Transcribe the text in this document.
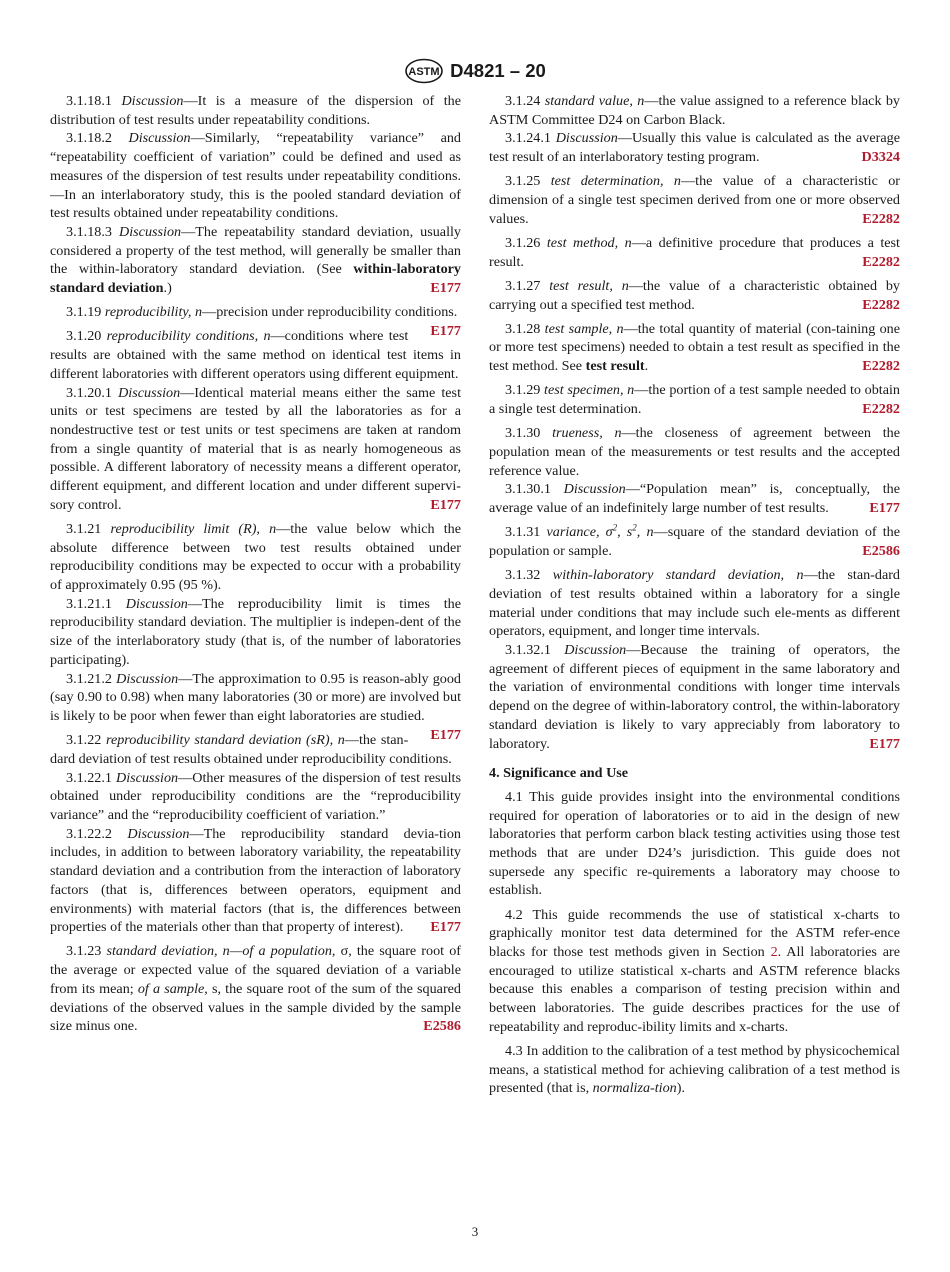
ASTM D4821 – 20

3.1.18.1 Discussion—It is a measure of the dispersion of the distribution of test results under repeatability conditions.

3.1.18.2 Discussion—Similarly, “repeatability variance” and “repeatability coefficient of variation” could be defined and used as measures of the dispersion of test results under repeatability conditions.—In an interlaboratory study, this is the pooled standard deviation of test results obtained under repeatability conditions.

3.1.18.3 Discussion—The repeatability standard deviation, usually considered a property of the test method, will generally be smaller than the within-laboratory standard deviation. (See within-laboratory standard deviation.)	E177

3.1.19 reproducibility, n—precision under reproducibility conditions.
E177

3.1.20 reproducibility conditions, n—conditions where test results are obtained with the same method on identical test items in different laboratories with different operators using different equipment.

3.1.20.1 Discussion—Identical material means either the same test units or test specimens are tested by all the laboratories as for a nondestructive test or test units or test specimens are taken at random from a single quantity of material that is as nearly homogeneous as possible. A different laboratory of necessity means a different operator, different equipment, and different location and under different supervi-sory control.	E177

3.1.21 reproducibility limit (R), n—the value below which the absolute difference between two test results obtained under reproducibility conditions may be expected to occur with a probability of approximately 0.95 (95 %).

3.1.21.1 Discussion—The reproducibility limit is times the reproducibility standard deviation. The multiplier is indepen-dent of the size of the interlaboratory study (that is, of the number of laboratories participating).

3.1.21.2 Discussion—The approximation to 0.95 is reason-ably good (say 0.90 to 0.98) when many laboratories (30 or more) are involved but is likely to be poor when fewer than eight laboratories are studied.
E177

3.1.22 reproducibility standard deviation (sR), n—the stan-dard deviation of test results obtained under reproducibility conditions.

3.1.22.1 Discussion—Other measures of the dispersion of test results obtained under reproducibility conditions are the “reproducibility variance” and the “reproducibility coefficient of variation.”

3.1.22.2 Discussion—The reproducibility standard devia-tion includes, in addition to between laboratory variability, the repeatability standard deviation and a contribution from the interaction of laboratory factors (that is, differences between operators, equipment and environments) with material factors (that is, the differences between properties of the materials other than that property of interest).	E177

3.1.23 standard deviation, n—of a population, σ, the square root of the average or expected value of the squared deviation of a variable from its mean; of a sample, s, the square root of the sum of the squared deviations of the observed values in the sample divided by the sample size minus one.	E2586

3.1.24 standard value, n—the value assigned to a reference black by ASTM Committee D24 on Carbon Black.

3.1.24.1 Discussion—Usually this value is calculated as the average test result of an interlaboratory testing program.	D3324

3.1.25 test determination, n—the value of a characteristic or dimension of a single test specimen derived from one or more observed values.	E2282

3.1.26 test method, n—a definitive procedure that produces a test result.	E2282

3.1.27 test result, n—the value of a characteristic obtained by carrying out a specified test method.	E2282

3.1.28 test sample, n—the total quantity of material (con-taining one or more test specimens) needed to obtain a test result as specified in the test method. See test result.	E2282

3.1.29 test specimen, n—the portion of a test sample needed to obtain a single test determination.	E2282

3.1.30 trueness, n—the closeness of agreement between the population mean of the measurements or test results and the accepted reference value.

3.1.30.1 Discussion—“Population mean” is, conceptually, the average value of an indefinitely large number of test results.	E177

3.1.31 variance, $\sigma^2$, $s^2$, n—square of the standard deviation of the population or sample.	E2586

3.1.32 within-laboratory standard deviation, n—the stan-dard deviation of test results obtained within a laboratory for a single material under conditions that may include such ele-ments as different operators, equipment, and longer time intervals.

3.1.32.1 Discussion—Because the training of operators, the agreement of different pieces of equipment in the same laboratory and the variation of environmental conditions with longer time intervals depend on the degree of within-laboratory control, the within-laboratory standard deviation is likely to vary appreciably from laboratory to laboratory.	E177

4. Significance and Use

4.1 This guide provides insight into the environmental conditions required for operation of laboratories or to aid in the design of new laboratories that perform carbon black testing activities using those test methods that are under D24’s jurisdiction. This guide does not supersede any specific re-quirements a laboratory may choose to establish.

4.2 This guide recommends the use of statistical x-charts to graphically monitor test data determined for the ASTM refer-ence blacks for those test methods given in Section 2. All laboratories are encouraged to utilize statistical x-charts and ASTM reference blacks because this enables a comparison of testing precision within and between laboratories. The guide describes practices for the use of repeatability and reproduc-ibility limits and x-charts.

4.3 In addition to the calibration of a test method by physicochemical means, a statistical method for achieving calibration of a test method is presented (that is, normaliza-tion).

3
